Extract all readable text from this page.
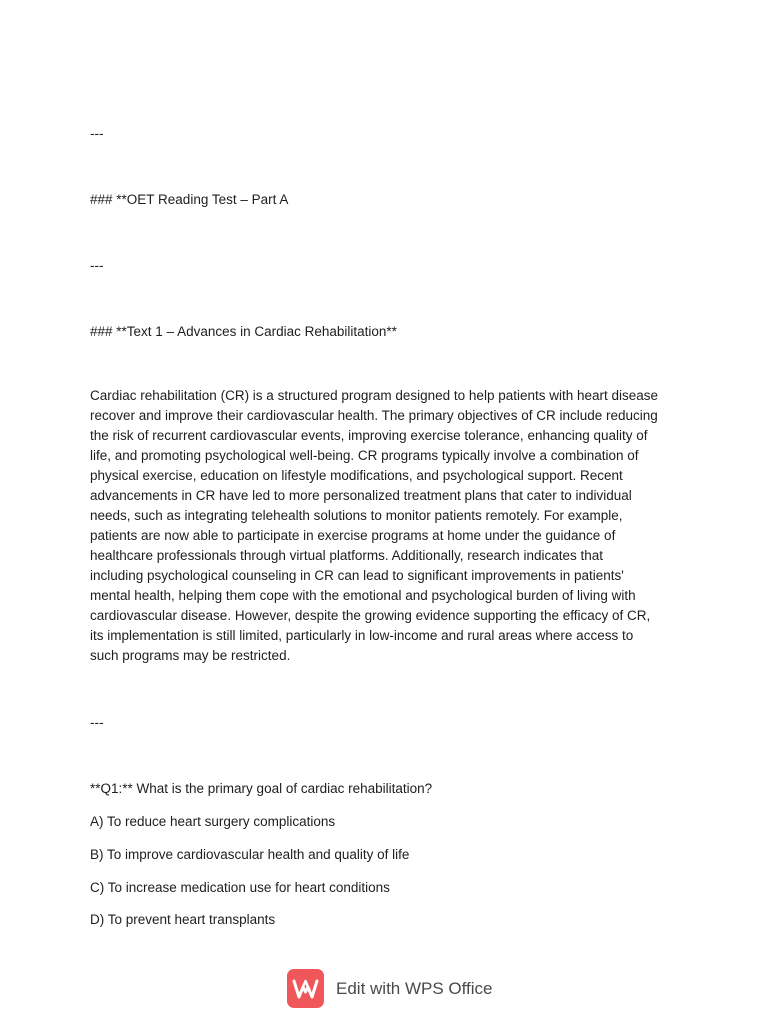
---
### **OET Reading Test – Part A
---
### **Text 1 – Advances in Cardiac Rehabilitation**
Cardiac rehabilitation (CR) is a structured program designed to help patients with heart disease
recover and improve their cardiovascular health. The primary objectives of CR include reducing
the risk of recurrent cardiovascular events, improving exercise tolerance, enhancing quality of
life, and promoting psychological well-being. CR programs typically involve a combination of
physical exercise, education on lifestyle modifications, and psychological support. Recent
advancements in CR have led to more personalized treatment plans that cater to individual
needs, such as integrating telehealth solutions to monitor patients remotely. For example,
patients are now able to participate in exercise programs at home under the guidance of
healthcare professionals through virtual platforms. Additionally, research indicates that
including psychological counseling in CR can lead to significant improvements in patients'
mental health, helping them cope with the emotional and psychological burden of living with
cardiovascular disease. However, despite the growing evidence supporting the efficacy of CR,
its implementation is still limited, particularly in low-income and rural areas where access to
such programs may be restricted.
---
**Q1:** What is the primary goal of cardiac rehabilitation?
A) To reduce heart surgery complications
B) To improve cardiovascular health and quality of life
C) To increase medication use for heart conditions
D) To prevent heart transplants
Edit with WPS Office
